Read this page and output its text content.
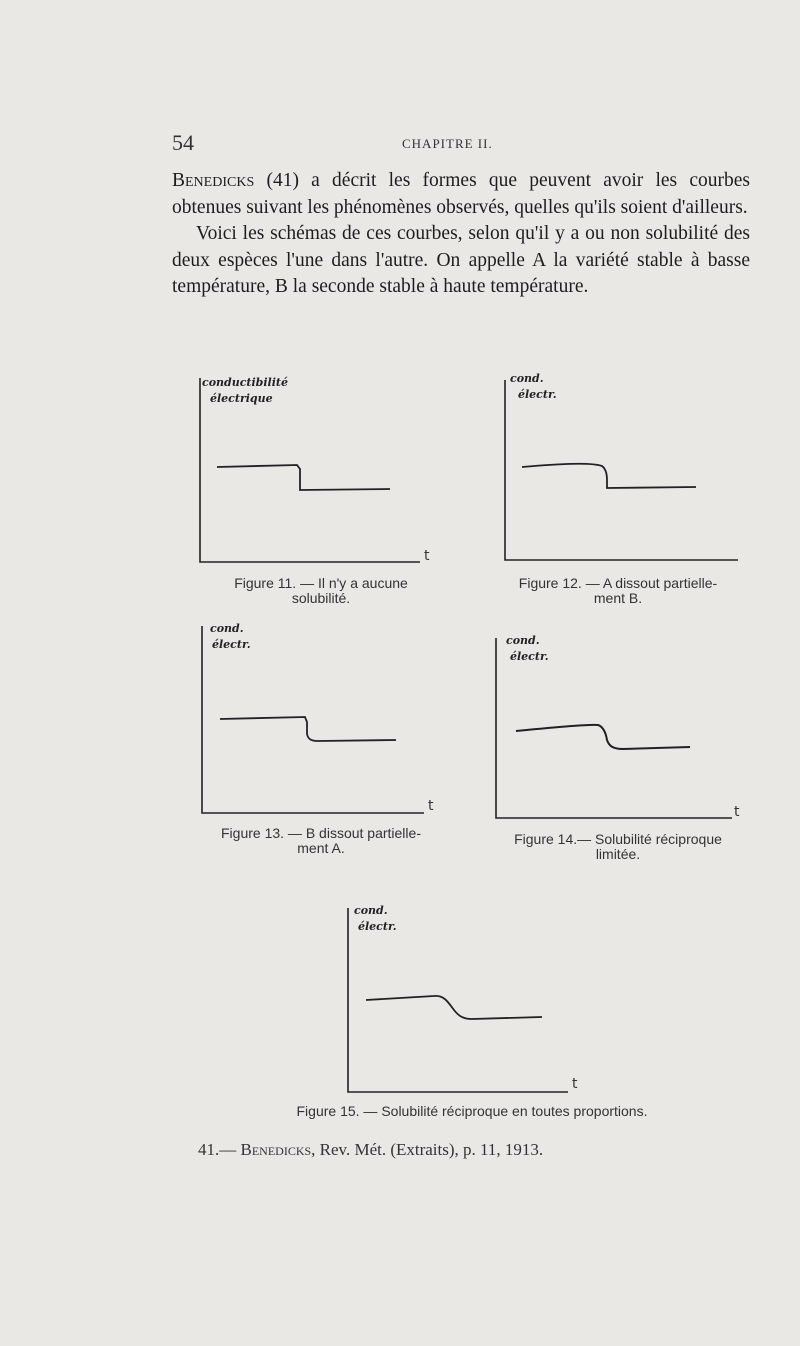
54	CHAPITRE II.

Benedicks (41) a décrit les formes que peuvent avoir les courbes obtenues suivant les phénomènes observés, quelles qu'ils soient d'ailleurs.

Voici les schémas de ces courbes, selon qu'il y a ou non solubilité des deux espèces l'une dans l'autre. On appelle A la variété stable à basse température, B la seconde stable à haute température.

conductibilité
électrique
t
Figure 11. — Il n'y a aucune
solubilité.
cond.
électr.
Figure 12. — A dissout partielle-
ment B.
cond.
électr.
t
Figure 13. — B dissout partielle-
ment A.
cond.
électr.
t
Figure 14.— Solubilité réciproque
limitée.
cond.
électr.
t
Figure 15. — Solubilité réciproque en toutes proportions.
41.— Benedicks, Rev. Mét. (Extraits), p. 11, 1913.
